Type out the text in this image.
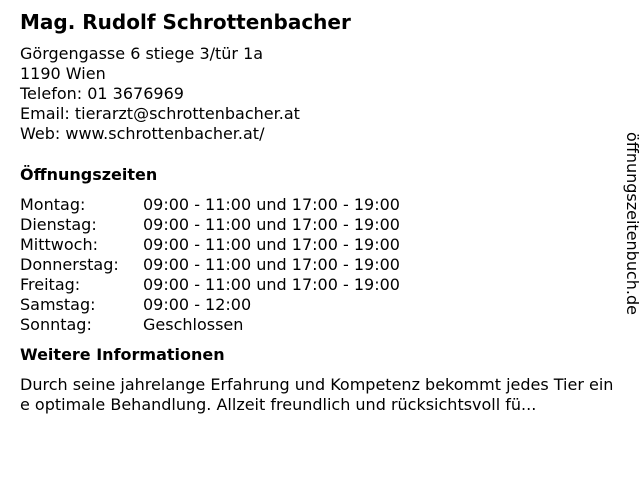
Mag. Rudolf Schrottenbacher
Görgengasse 6 stiege 3/tür 1a
1190 Wien
Telefon: 01 3676969
Email: tierarzt@schrottenbacher.at
Web: www.schrottenbacher.at/
Öffnungszeiten
Montag:	09:00 - 11:00 und 17:00 - 19:00
Dienstag:	09:00 - 11:00 und 17:00 - 19:00
Mittwoch:	09:00 - 11:00 und 17:00 - 19:00
Donnerstag:	09:00 - 11:00 und 17:00 - 19:00
Freitag:	09:00 - 11:00 und 17:00 - 19:00
Samstag:	09:00 - 12:00
Sonntag:	Geschlossen
Weitere Informationen

Durch seine jahrelange Erfahrung und Kompetenz bekommt jedes Tier eine optimale Behandlung. Allzeit freundlich und rücksichtsvoll fü...

öffnungszeitenbuch.de
